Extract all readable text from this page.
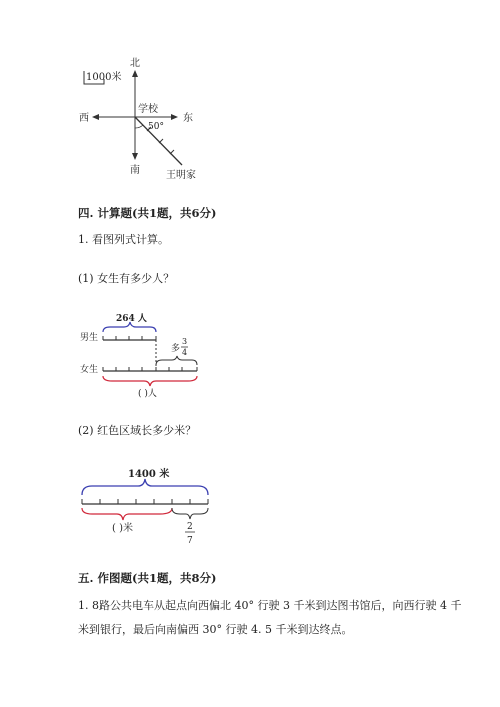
1000米
北
南
东
西
学校
50°
王明家
四. 计算题(共1题，共6分)
1. 看图列式计算。
(1) 女生有多少人？
264 人
男生
多
3
4
女生
( )人
(2) 红色区域长多少米？
1400 米
( )米	2
7
五. 作图题(共1题，共8分)
1. 8路公共电车从起点向西偏北 40° 行驶 3 千米到达图书馆后，向西行驶 4 千
米到银行，最后向南偏西 30° 行驶 4. 5 千米到达终点。
